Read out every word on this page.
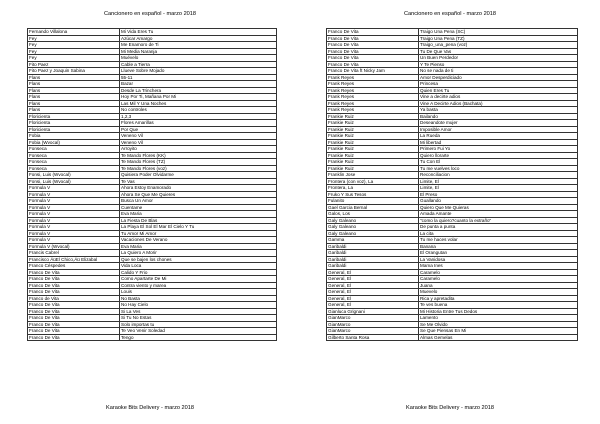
Cancionero en español - marzo 2018
Fernando Villalona	Mi Vida Eres Tu
Fey	Azúcar Amargo
Fey	Me Enamoro de Ti
Fey	Mi Media Naranja
Fey	Muévelo
Fito Paez	Cable a Tierra
Fito Paez y Joaquin Sabina	Llueve Sobre Mojado
Flans	55-11
Flans	Bazar
Flans	Desde La Trinchera
Flans	Hoy Por Ti, Mañana Por Mi
Flans	Las Mil Y Una Noches
Flans	No controles
Floricienta	1,2,3
Floricienta	Flores Amarillas
Floricienta	Por Que
Fobia	Veneno Vil
Fobia (Wvocal)	Veneno Vil
Fonseca	Arroyito
Fonseca	Te Mando Flores (KK)
Fonseca	Te Mando Flores (TZ)
Fonseca	Te Mando Flores (voz)
Fonsi, Luis (Wvocal)	Quisiera Poder Olvidarme
Fonsi, Luis (Wvocal)	Te Vas
Formula V	Ahora Estoy Enamorado
Formula V	Ahora Se Que Me Quieres
Formula V	Busca Un Amor
Formula V	Cuentame
Formula V	Eva Maria
Formula V	La Fiesta De Blas
Formula V	La Playa El Sol El Mar El Cielo Y Tu
Formula V	Tu Amor Mi Amor
Formula V	Vacaciones De Verano
Formula V (Wvocal)	Eva Maria
Francis Cabrel	La Quiero A Morir
Francisco ÁüEl Chico,Áü Elizabal	Que se bajen los chones
Franco Céspedes	Vida Loca
Franco De Vita	Calido Y Frio
Franco De Vita	Como Apartarte De Mi
Franco De Vita	Contra viento y marea
Franco De Vita	Louis
Franco de Vita	No Basta
Franco De Vita	No Hay Cielo
Franco De Vita	Si La Ves
Franco De Vita	Si Tu No Estas
Franco De Vita	Solo importas tu
Franco De Vita	Te Veo Venir Soledad
Franco De Vita	Tengo
Karaoke Bits Delivery - marzo 2018
Cancionero en español - marzo 2018
Franco De Vita	Traigo Una Pena (SC)
Franco De Vita	Traigo Una Pena (TZ)
Franco De Vita	Traigo_una_pena (voz)
Franco De Vita	Tu De Que Vas
Franco De Vita	Un Buen Perdedor
Franco De Vita	Y Te Pienso
Franco De Vita ft Nicky Jam	No se nada de ti
Frank Reyes	Amor Desperdiciado
Frank Reyes	Princesa
Frank Reyes	Quien Eres Tu
Frank Reyes	Vine a decirte adios
Frank Reyes	Vine A Decirte Adios (Bachata)
Frank Reyes	Ya basta
Frankie Ruiz	Bailando
Frankie Ruiz	Deseandote mujer
Frankie Ruiz	Imposible Amor
Frankie Ruiz	La Rueda
Frankie Ruiz	Mi libertad
Frankie Ruiz	Primero Fui Yo
Frankie Ruiz	Quiero llorarte
Frankie Ruiz	Tu Con El
Frankie Ruiz	Tu me vuelves loco
Franklin Jose	Reconciliacion
Frontera (con voz), La	Limite, El
Frontera, La	Limite, El
Fruko Y Sus Tesos	El Preso
Fulanito	Guallando
Gael Garcia Bernal	Quiero Que Me Quieras
Galos, Los	Amada Amante
Galy Galeano	"como la quiero?cuanto la extraño"
Galy Galeano	De punta a punta
Galy Galeano	La cita
Gamma	Tu me haces volar
Garibaldi	Banana
Garibaldi	El Orangutan
Garibaldi	La Vanidosa
Garibaldi	Mama Ines
General, El	Caramelo
General, El	Caramelo
General, El	Juana
General, El	Muevelo
General, El	Rica y apretadita
General, El	Te ves buena
Gianluca Grignani	Mi Historia Entre Tus Dedos
GianMarco	Lamento
GianMarco	Se Me Olvido
GianMarco	Se Que Piensas En Mi
Gilberto Santa Rosa	Almas Gemelas
Karaoke Bits Delivery - marzo 2018
